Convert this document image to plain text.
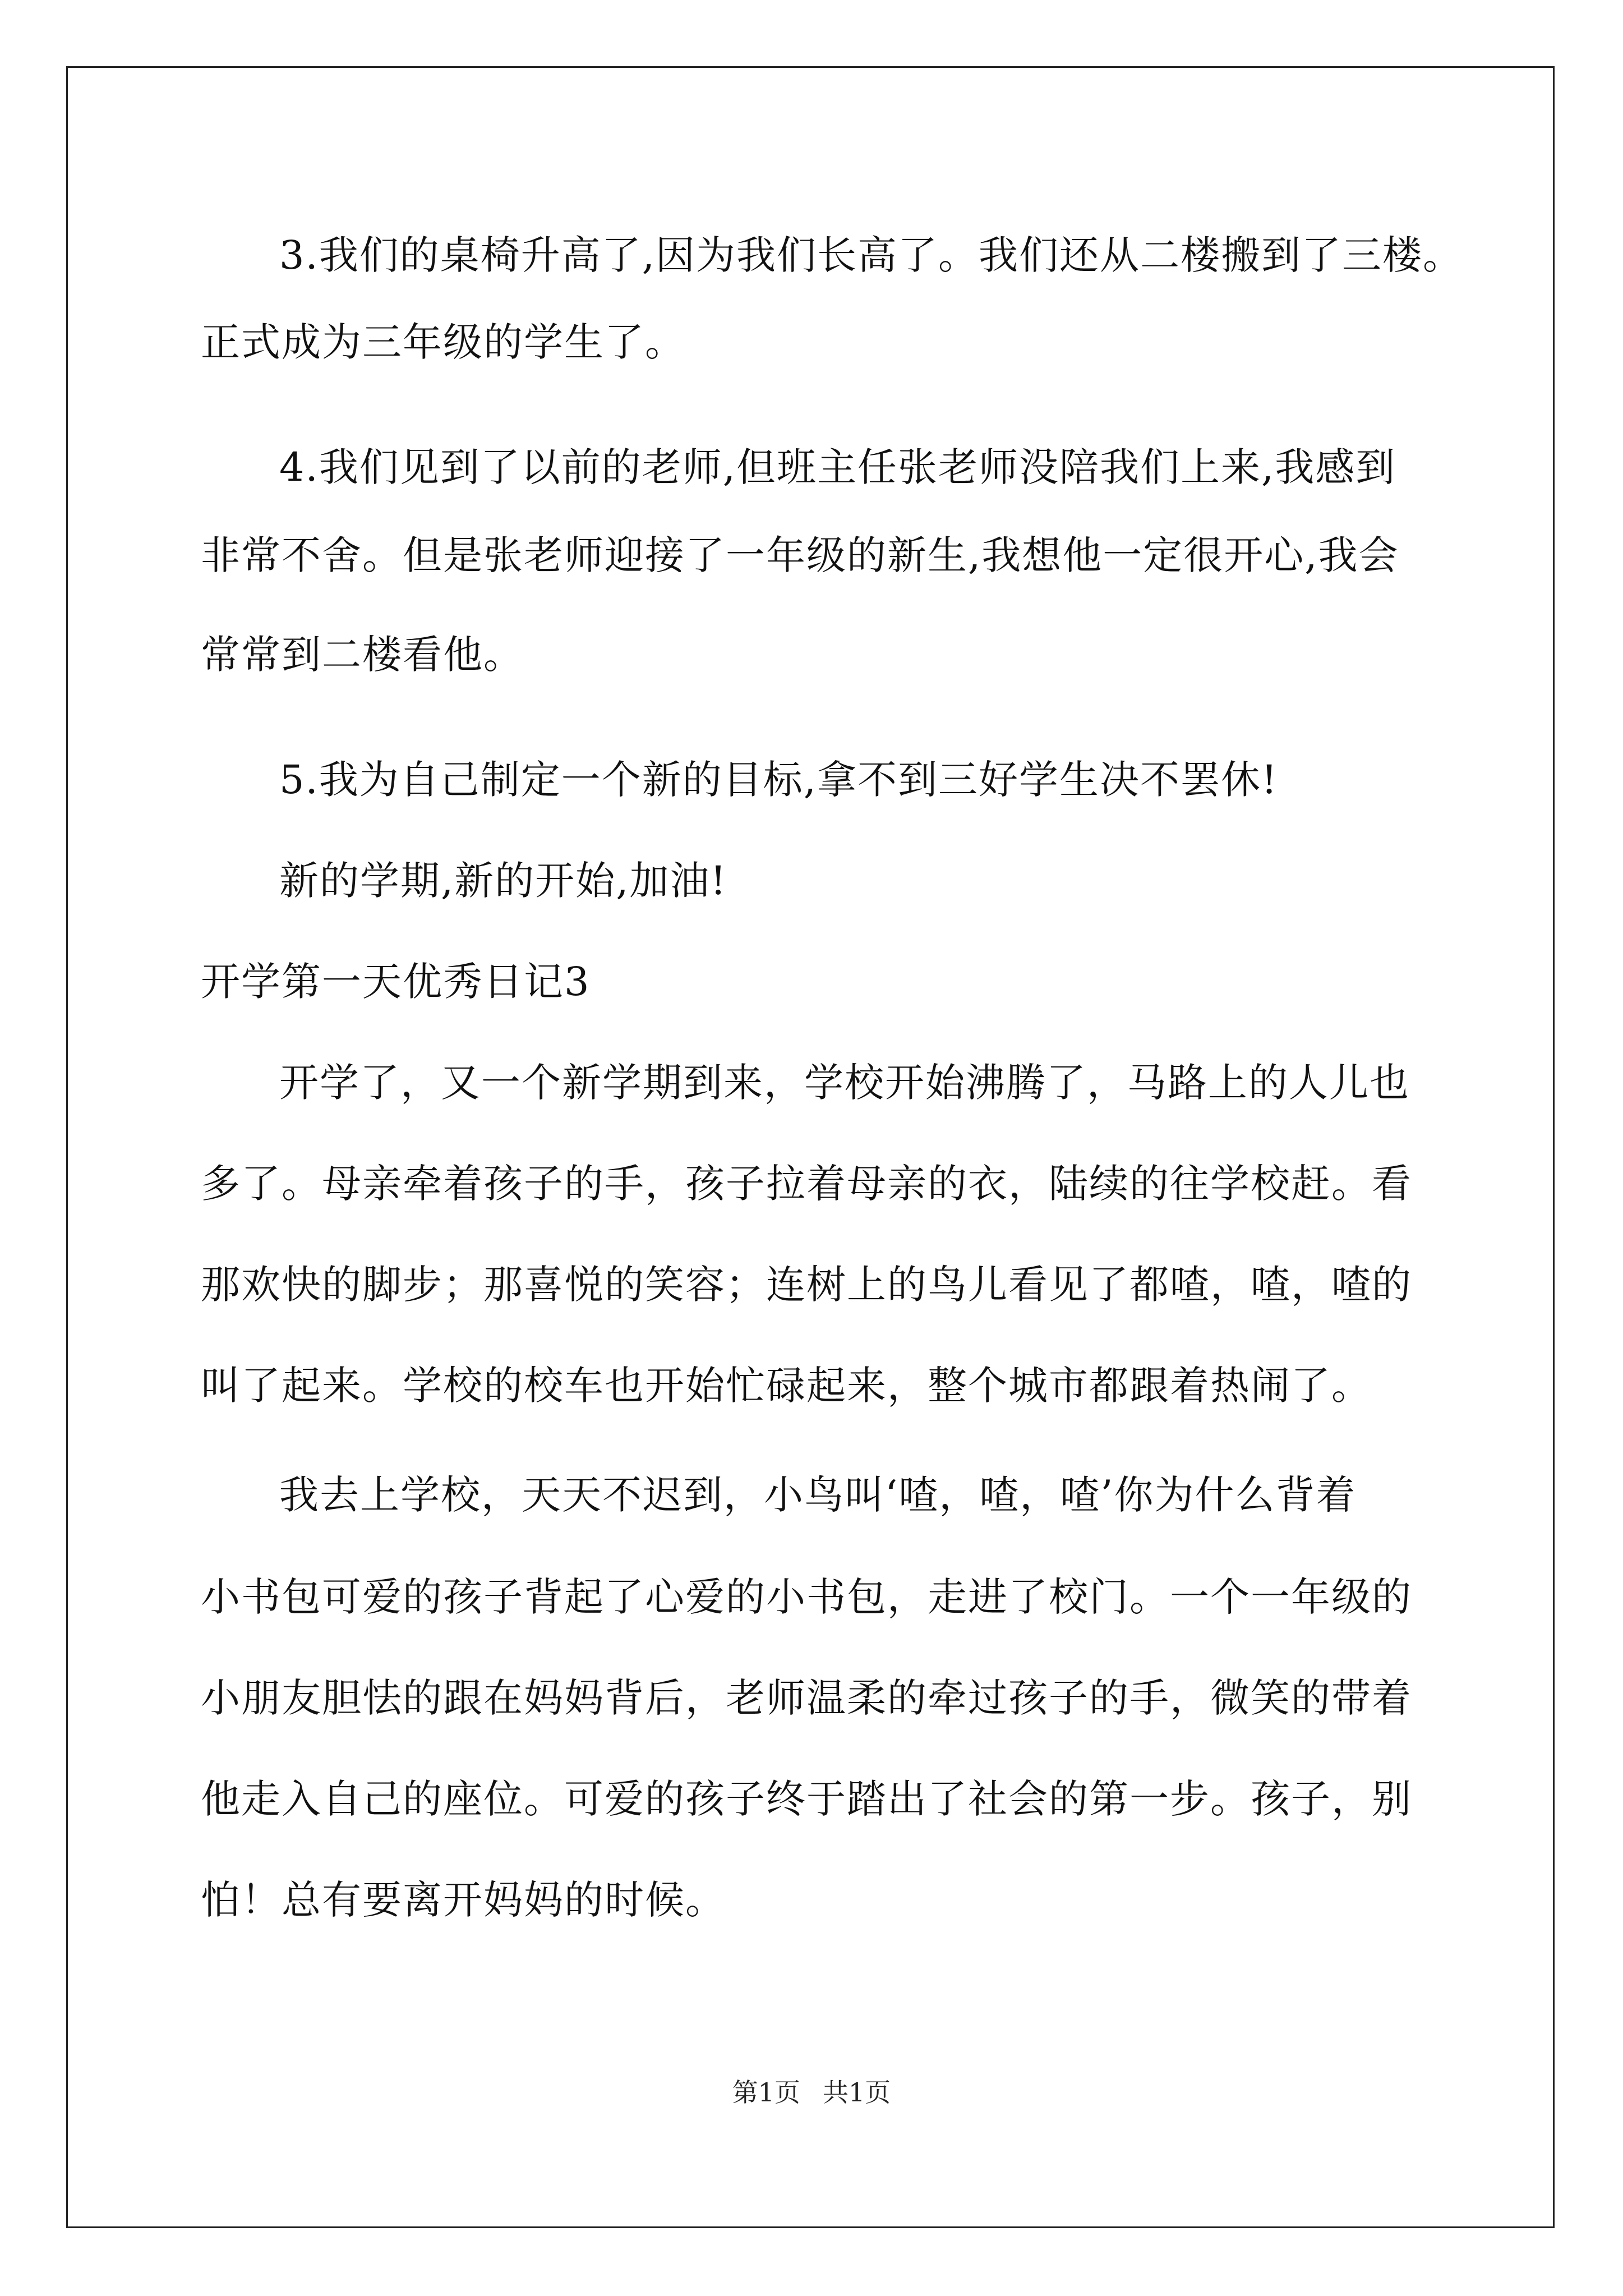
3.我们的桌椅升高了,因为我们长高了。我们还从二楼搬到了三楼。
正式成为三年级的学生了。
4.我们见到了以前的老师,但班主任张老师没陪我们上来,我感到
非常不舍。但是张老师迎接了一年级的新生,我想他一定很开心,我会
常常到二楼看他。
5.我为自己制定一个新的目标,拿不到三好学生决不罢休!
新的学期,新的开始,加油!
开学第一天优秀日记3
开学了，又一个新学期到来，学校开始沸腾了，马路上的人儿也
多了。母亲牵着孩子的手，孩子拉着母亲的衣，陆续的往学校赶。看
那欢快的脚步；那喜悦的笑容；连树上的鸟儿看见了都喳，喳，喳的
叫了起来。学校的校车也开始忙碌起来，整个城市都跟着热闹了。
我去上学校，天天不迟到，小鸟叫‘喳，喳，喳’你为什么背着
小书包可爱的孩子背起了心爱的小书包，走进了校门。一个一年级的
小朋友胆怯的跟在妈妈背后，老师温柔的牵过孩子的手，微笑的带着
他走入自己的座位。可爱的孩子终于踏出了社会的第一步。孩子，别
怕！总有要离开妈妈的时候。
第1页 共1页
